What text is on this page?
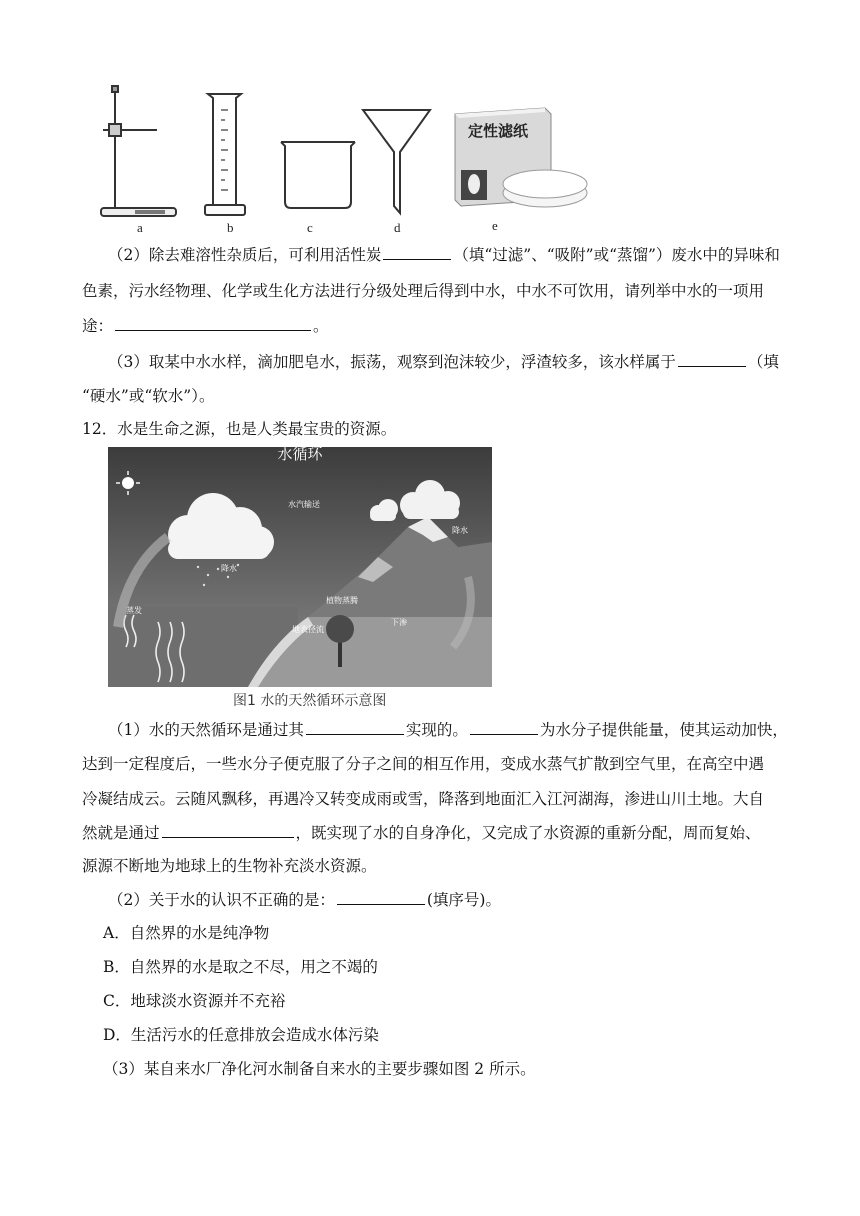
定性滤纸
a	b	c	d	e
（2）除去难溶性杂质后，可利用活性炭	（填“过滤”、“吸附”或“蒸馏”）废水中的异味和
色素，污水经物理、化学或生化方法进行分级处理后得到中水，中水不可饮用，请列举中水的一项用
途：	。
（3）取某中水水样，滴加肥皂水，振荡，观察到泡沫较少，浮渣较多，该水样属于	（填
“硬水”或“软水”）。
12．水是生命之源，也是人类最宝贵的资源。
水循环
水汽输送
降水
降水
蒸发
植物蒸腾
地表径流
下渗
图1 水的天然循环示意图
（1）水的天然循环是通过其	实现的。	为水分子提供能量，使其运动加快，
达到一定程度后，一些水分子便克服了分子之间的相互作用，变成水蒸气扩散到空气里，在高空中遇
冷凝结成云。云随风飘移，再遇冷又转变成雨或雪，降落到地面汇入江河湖海，渗进山川土地。大自
然就是通过	，既实现了水的自身净化，又完成了水资源的重新分配，周而复始、
源源不断地为地球上的生物补充淡水资源。
（2）关于水的认识不正确的是：	(填序号)。
A．自然界的水是纯净物
B．自然界的水是取之不尽，用之不竭的
C．地球淡水资源并不充裕
D．生活污水的任意排放会造成水体污染
（3）某自来水厂净化河水制备自来水的主要步骤如图 2 所示。
